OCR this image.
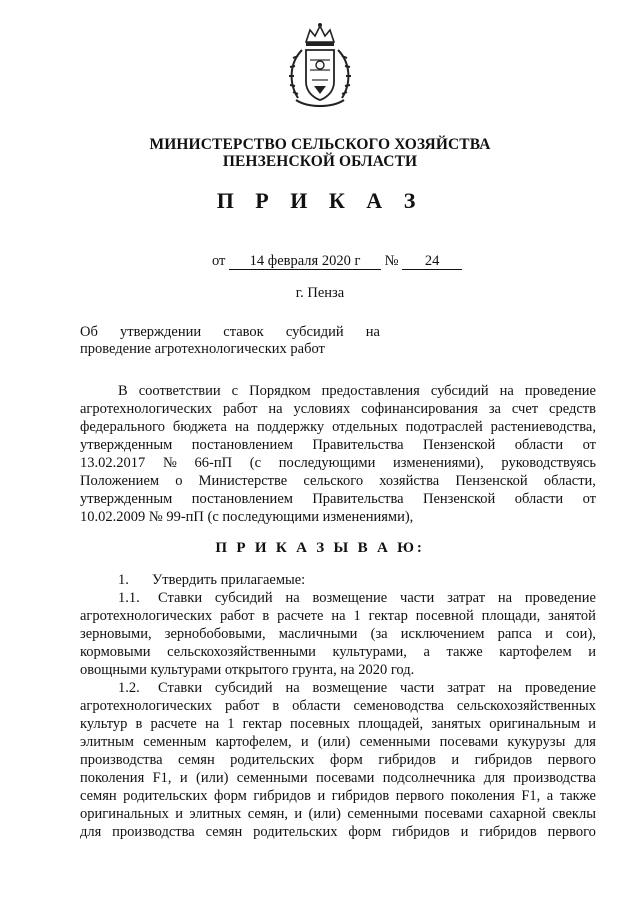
МИНИСТЕРСТВО СЕЛЬСКОГО ХОЗЯЙСТВА
ПЕНЗЕНСКОЙ ОБЛАСТИ
П Р И К А З
от 14 февраля 2020 г № 24
г. Пенза
Об утверждении ставок субсидий на
проведение агротехнологических работ
В соответствии с Порядком предоставления субсидий на проведение
агротехнологических работ на условиях софинансирования за счет средств
федерального бюджета на поддержку отдельных подотраслей растениеводства,
утвержденным постановлением Правительства Пензенской области от
13.02.2017 № 66-пП (с последующими изменениями), руководствуясь
Положением о Министерстве сельского хозяйства Пензенской области,
утвержденным постановлением Правительства Пензенской области от
10.02.2009 № 99-пП (с последующими изменениями),
П Р И К А З Ы В А Ю:
1.	Утвердить прилагаемые:
1.1.	Ставки субсидий на возмещение части затрат на проведение
агротехнологических работ в расчете на 1 гектар посевной площади, занятой
зерновыми, зернобобовыми, масличными (за исключением рапса и сои),
кормовыми сельскохозяйственными культурами, а также картофелем и
овощными культурами открытого грунта, на 2020 год.
1.2.	Ставки субсидий на возмещение части затрат на проведение
агротехнологических работ в области семеноводства сельскохозяйственных
культур в расчете на 1 гектар посевных площадей, занятых оригинальным и
элитным семенным картофелем, и (или) семенными посевами кукурузы для
производства семян родительских форм гибридов и гибридов первого
поколения F1, и (или) семенными посевами подсолнечника для производства
семян родительских форм гибридов и гибридов первого поколения F1, а также
оригинальных и элитных семян, и (или) семенными посевами сахарной свеклы
для производства семян родительских форм гибридов и гибридов первого
